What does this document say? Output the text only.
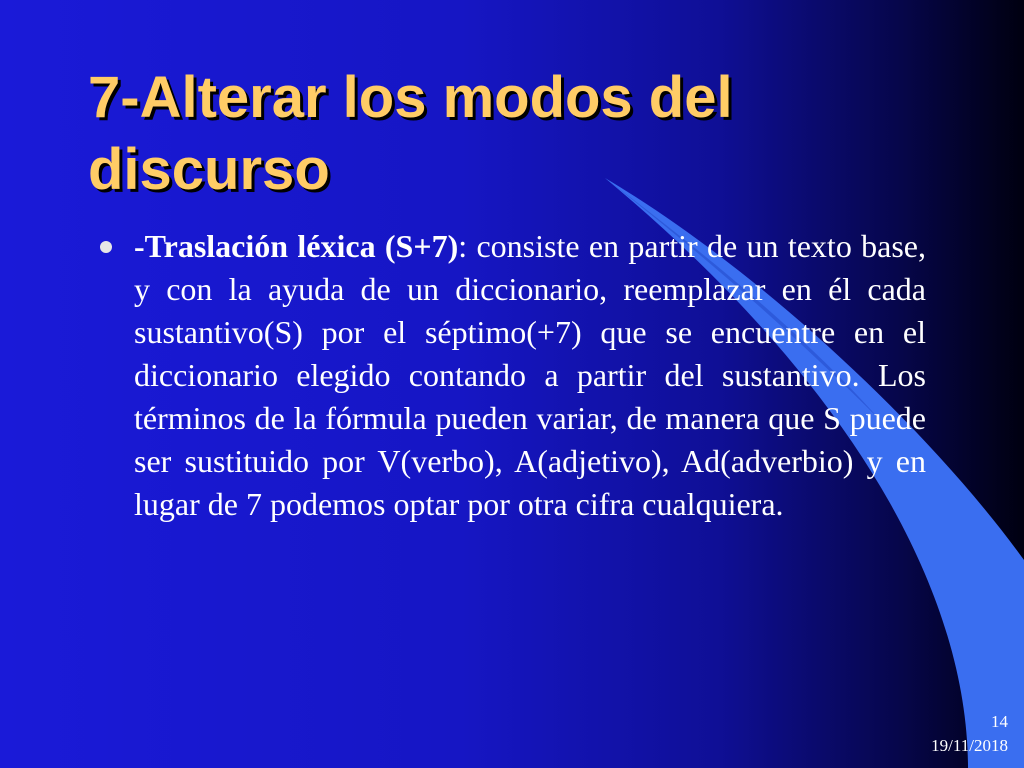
7-Alterar los modos del discurso
-Traslación léxica (S+7): consiste en partir de un texto base, y con la ayuda de un diccionario, reemplazar en él cada sustantivo(S) por el séptimo(+7) que se encuentre en el diccionario elegido contando a partir del sustantivo. Los términos de la fórmula pueden variar, de manera que S puede ser sustituido por V(verbo), A(adjetivo), Ad(adverbio) y en lugar de 7 podemos optar por otra cifra cualquiera.
14
19/11/2018
